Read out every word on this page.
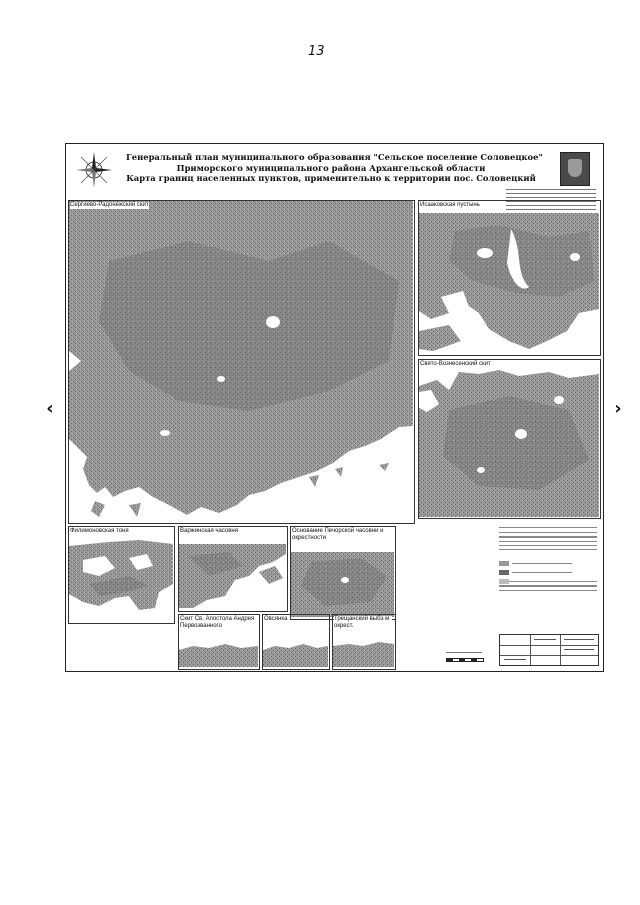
13
‹	›
Генеральный план муниципального образования "Сельское поселение Соловецкое"
Приморского муниципального района Архангельской области
Карта границ населенных пунктов, применительно к территории пос. Соловецкий
Сергиево-Радонежский скит	Исааковская пустынь
Свято-Вознесенский скит
Филимоновская тоня	Варжинская часовня	Основание Печорской часовни и окрестности
Скит Св. Апостола Андрея Первозванного
Овсянка	Трещанский выбэ м окрест.
